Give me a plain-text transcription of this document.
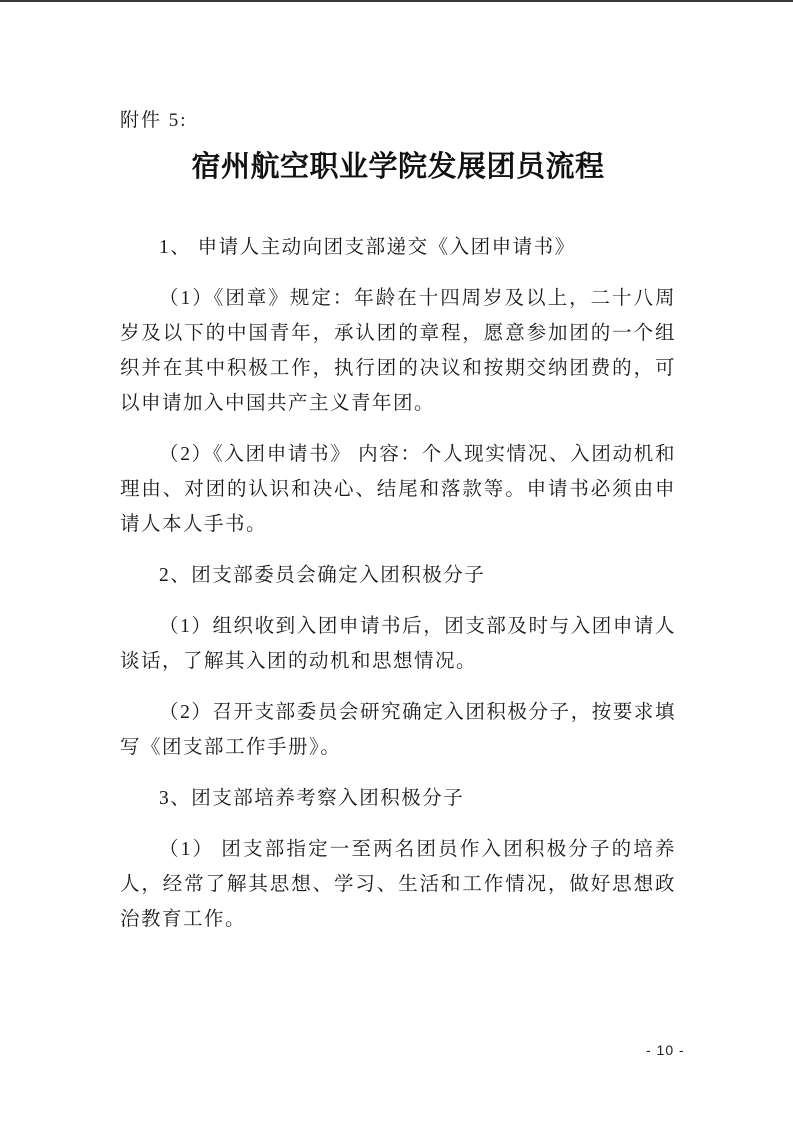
附件 5:
宿州航空职业学院发展团员流程

1、 申请人主动向团支部递交《入团申请书》

（1）《团章》规定：年龄在十四周岁及以上，二十八周岁及以下的中国青年，承认团的章程，愿意参加团的一个组织并在其中积极工作，执行团的决议和按期交纳团费的，可以申请加入中国共产主义青年团。

（2）《入团申请书》 内容：个人现实情况、入团动机和理由、对团的认识和决心、结尾和落款等。申请书必须由申请人本人手书。

2、团支部委员会确定入团积极分子

（1）组织收到入团申请书后，团支部及时与入团申请人谈话，了解其入团的动机和思想情况。

（2）召开支部委员会研究确定入团积极分子，按要求填写《团支部工作手册》。

3、团支部培养考察入团积极分子

（1） 团支部指定一至两名团员作入团积极分子的培养人，经常了解其思想、学习、生活和工作情况，做好思想政治教育工作。

- 10 -
